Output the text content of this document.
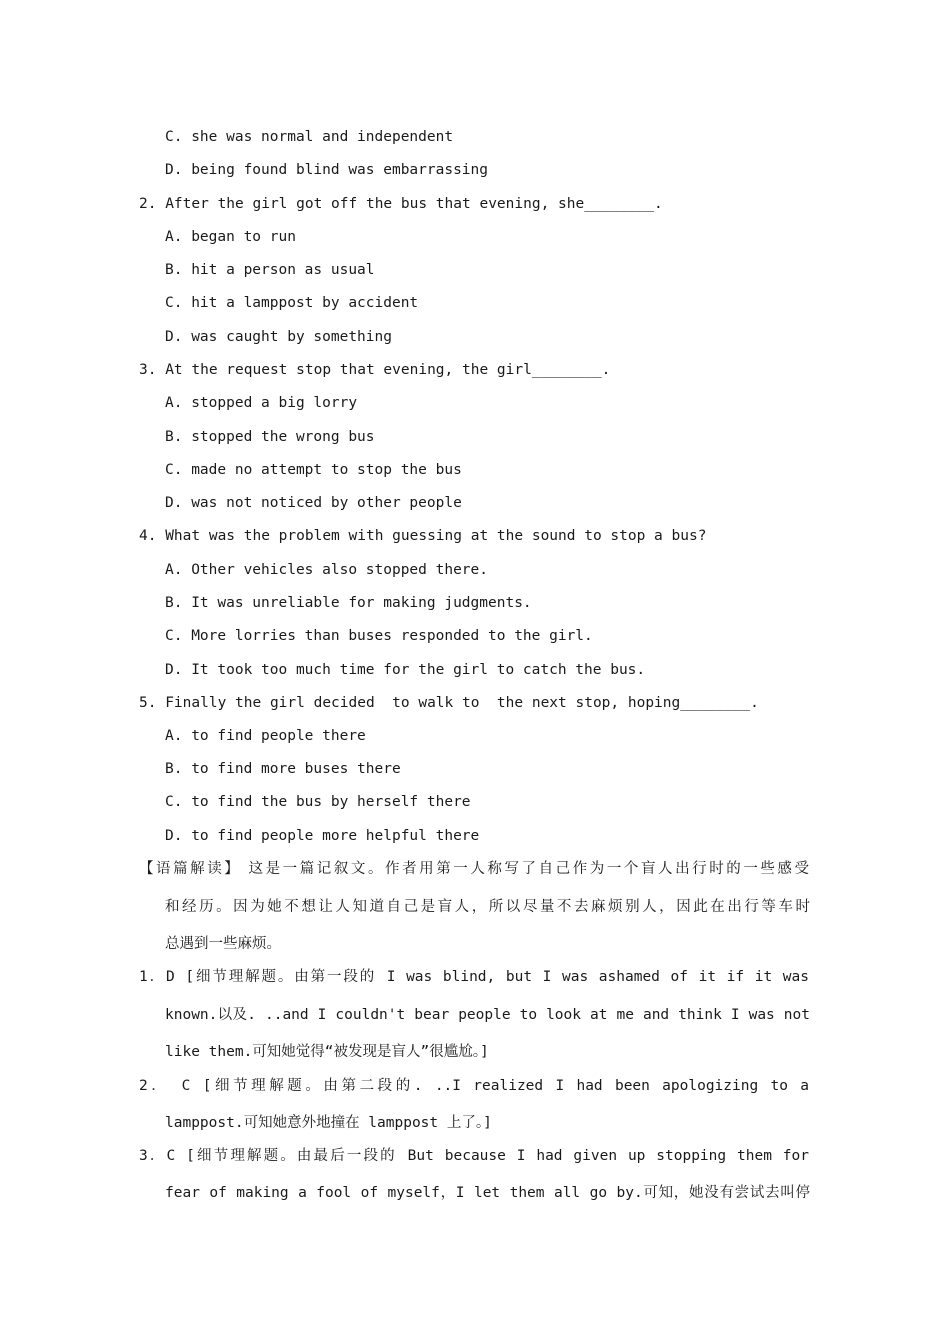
C. she was normal and independent
D. being found blind was embarrassing
2. After the girl got off the bus that evening, she________.
A. began to run
B. hit a person as usual
C. hit a lamppost by accident
D. was caught by something
3. At the request stop that evening, the girl________.
A. stopped a big lorry
B. stopped the wrong bus
C. made no attempt to stop the bus
D. was not noticed by other people
4. What was the problem with guessing at the sound to stop a bus?
A. Other vehicles also stopped there.
B. It was unreliable for making judgments.
C. More lorries than buses responded to the girl.
D. It took too much time for the girl to catch the bus.
5. Finally the girl decided  to walk to  the next stop, hoping________.
A. to find people there
B. to find more buses there
C. to find the bus by herself there
D. to find people more helpful there
【语篇解读】 这是一篇记叙文。作者用第一人称写了自己作为一个盲人出行时的一些感受
和经历。因为她不想让人知道自己是盲人，所以尽量不去麻烦别人，因此在出行等车时
总遇到一些麻烦。
1．D [细节理解题。由第一段的 I was blind, but I was ashamed of it if it was
known.以及. ..and I couldn't bear people to look at me and think I was not
like them.可知她觉得“被发现是盲人”很尴尬。]
2． C [细节理解题。由第二段的. ..I realized I had been apologizing to a
lamppost.可知她意外地撞在 lamppost 上了。]
3．C [细节理解题。由最后一段的 But because I had given up stopping them for
fear of making a fool of myself，I let them all go by.可知，她没有尝试去叫停
